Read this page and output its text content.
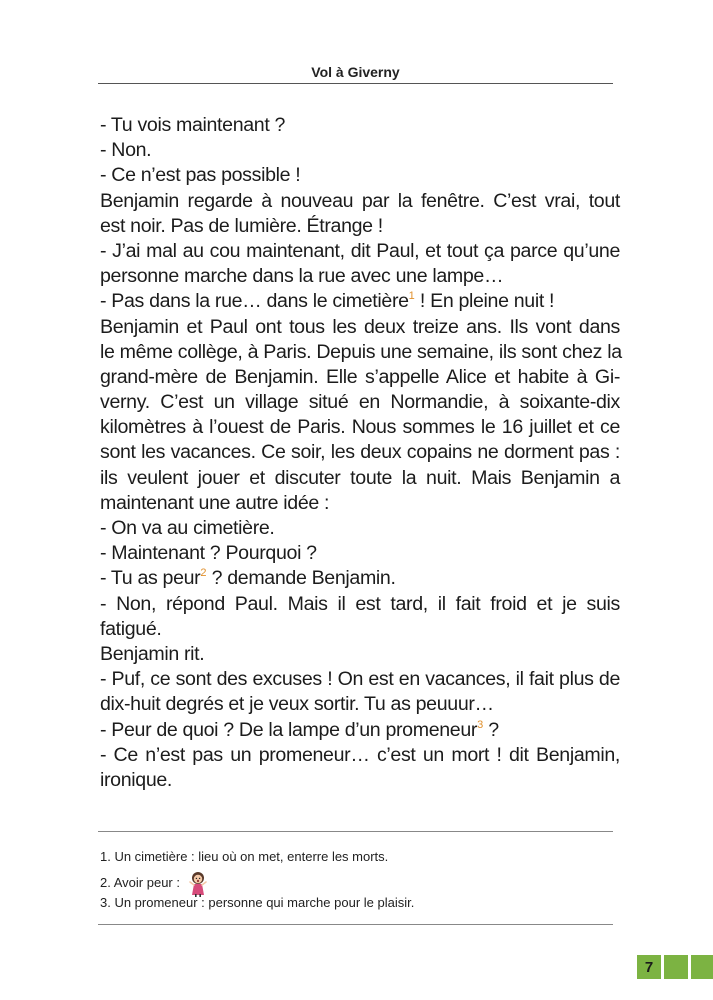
Vol à Giverny
- Tu vois maintenant ?
- Non.
- Ce n’est pas possible !
Benjamin regarde à nouveau par la fenêtre. C’est vrai, tout
est noir. Pas de lumière. Étrange !
- J’ai mal au cou maintenant, dit Paul, et tout ça parce qu’une
personne marche dans la rue avec une lampe…
- Pas dans la rue… dans le cimetière$^1$ ! En pleine nuit !
Benjamin et Paul ont tous les deux treize ans. Ils vont dans
le même collège, à Paris. Depuis une semaine, ils sont chez la
grand-mère de Benjamin. Elle s’appelle Alice et habite à Gi-
verny. C’est un village situé en Normandie, à soixante-dix
kilomètres à l’ouest de Paris. Nous sommes le 16 juillet et ce
sont les vacances. Ce soir, les deux copains ne dorment pas :
ils veulent jouer et discuter toute la nuit. Mais Benjamin a
maintenant une autre idée :
- On va au cimetière.
- Maintenant ? Pourquoi ?
- Tu as peur$^2$ ? demande Benjamin.
- Non, répond Paul. Mais il est tard, il fait froid et je suis
fatigué.
Benjamin rit.
- Puf, ce sont des excuses ! On est en vacances, il fait plus de
dix-huit degrés et je veux sortir. Tu as peuuur…
- Peur de quoi ? De la lampe d’un promeneur$^3$ ?
- Ce n’est pas un promeneur… c’est un mort ! dit Benjamin,
ironique.
1. Un cimetière : lieu où on met, enterre les morts.
2. Avoir peur :
3. Un promeneur : personne qui marche pour le plaisir.
7
